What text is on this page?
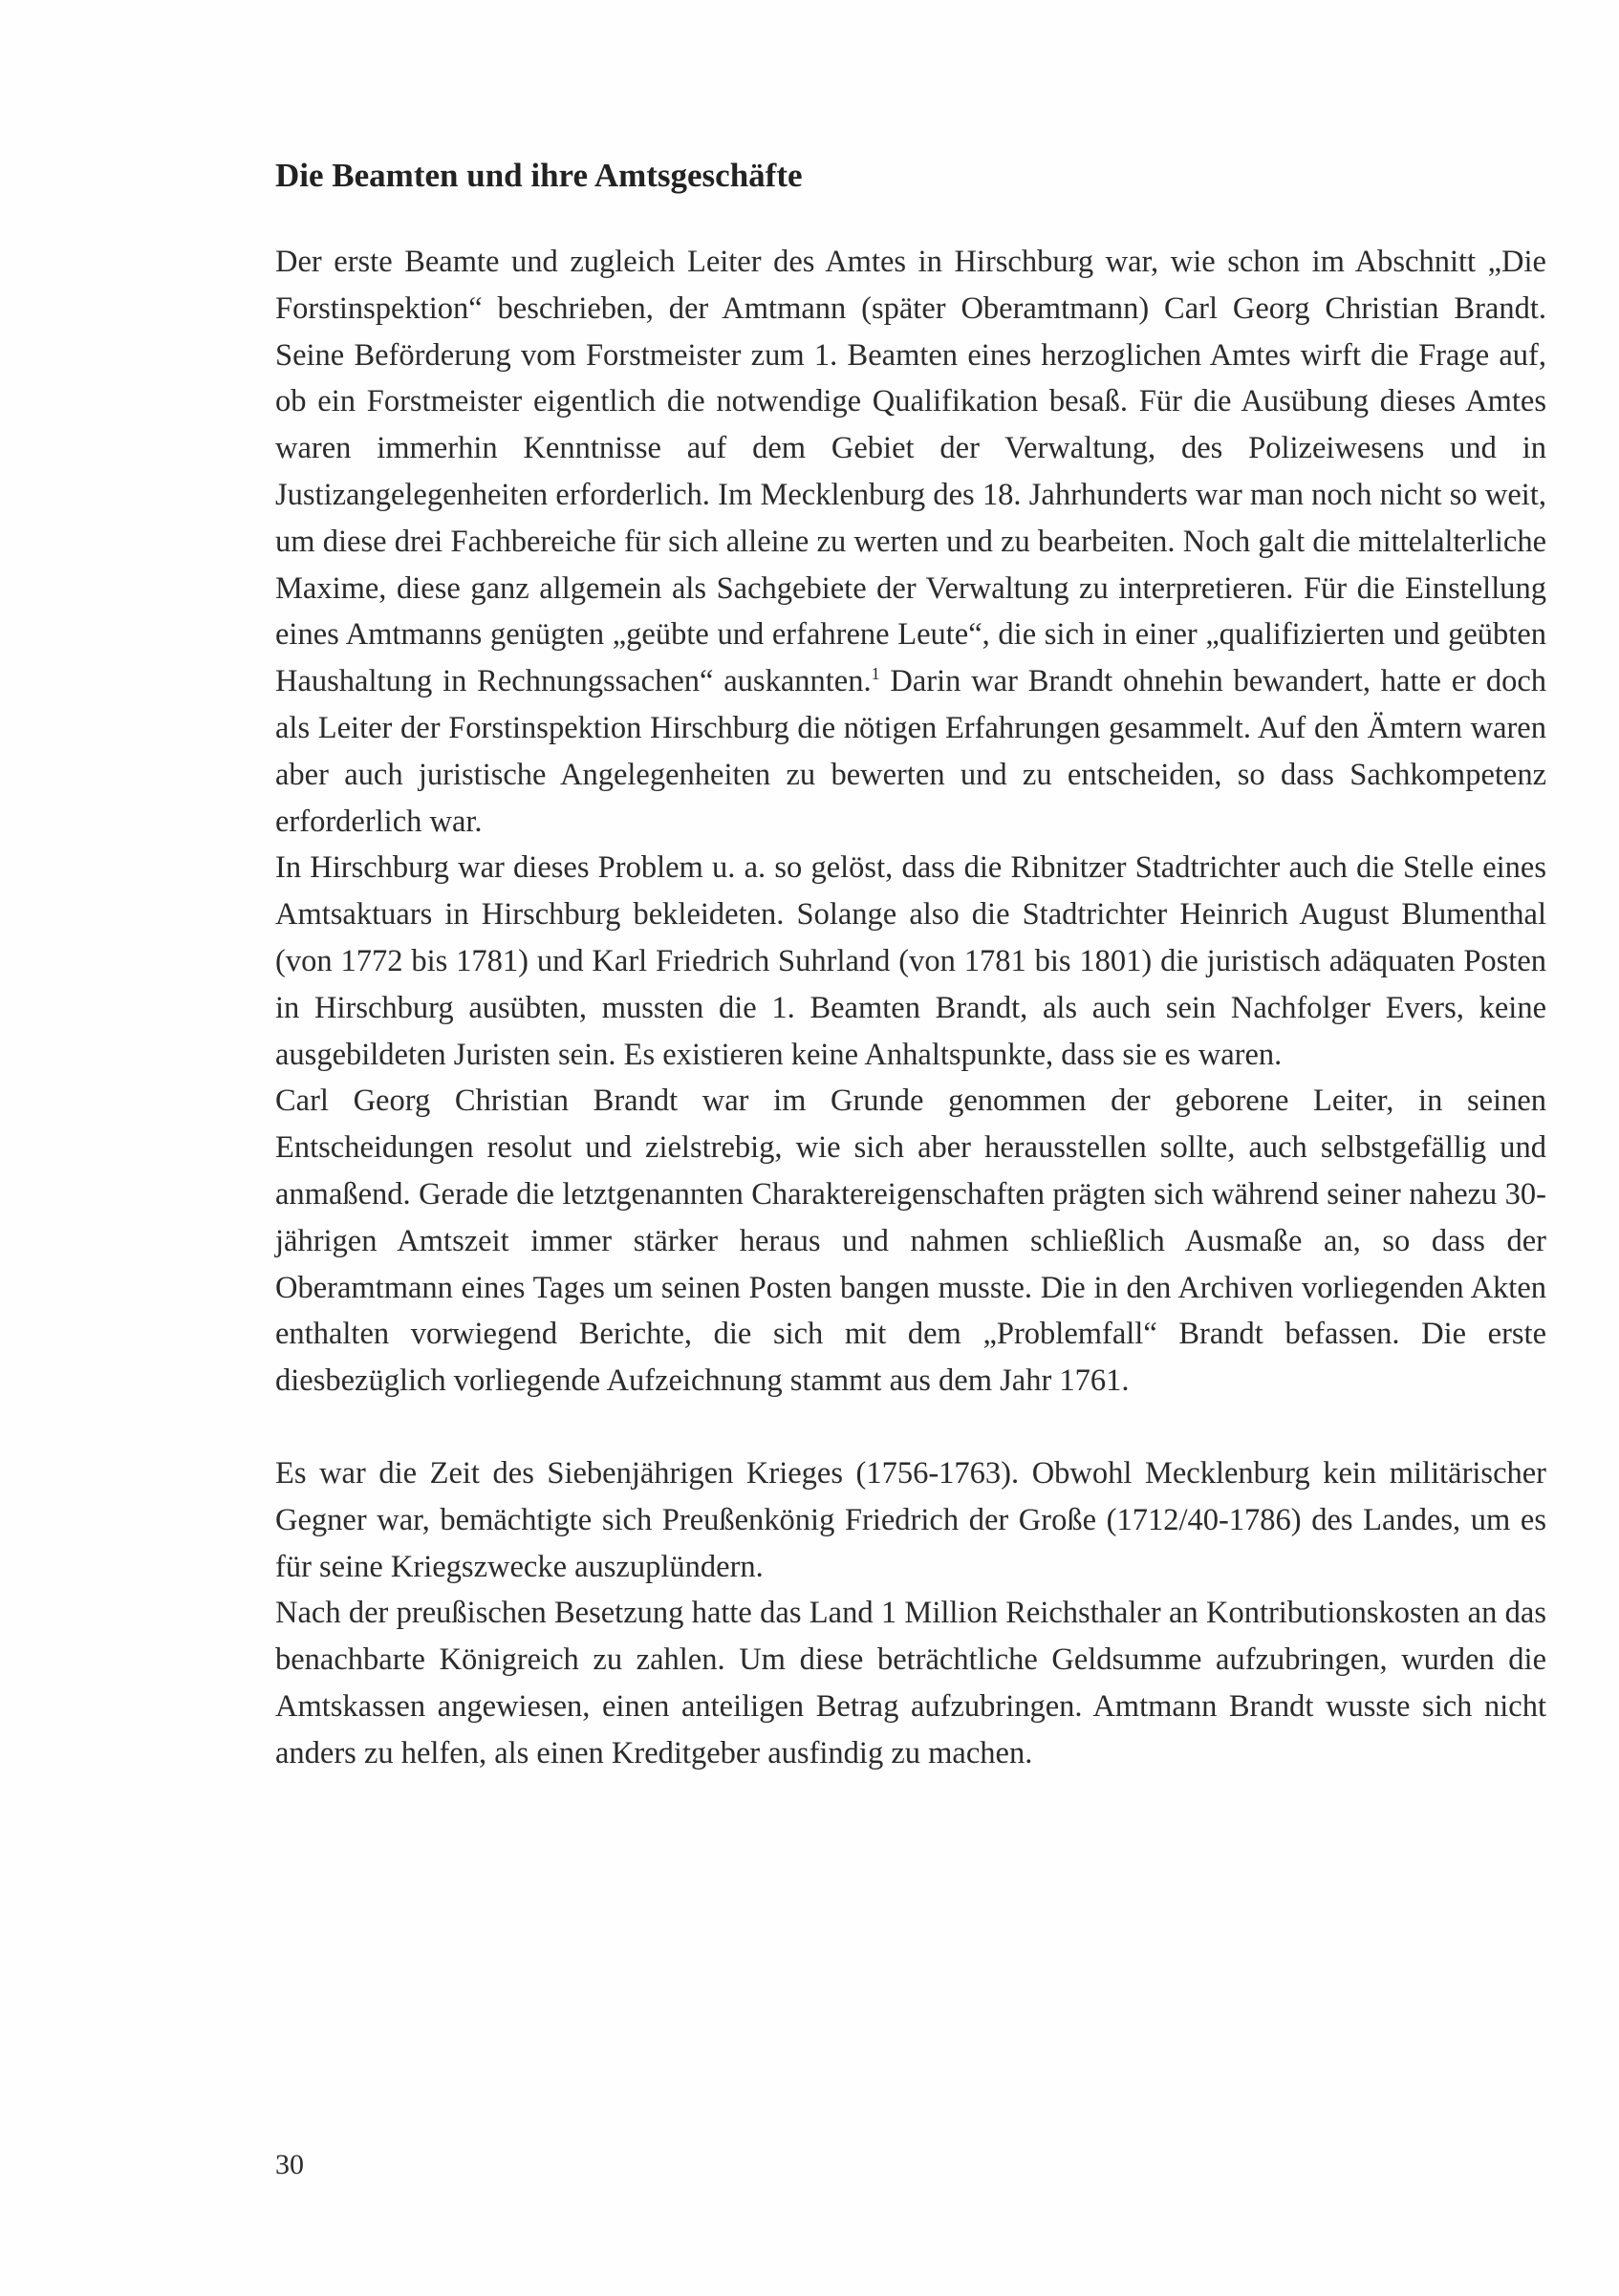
Die Beamten und ihre Amtsgeschäfte

Der erste Beamte und zugleich Leiter des Amtes in Hirschburg war, wie schon im Abschnitt „Die Forstinspektion“ beschrieben, der Amtmann (später Oberamtmann) Carl Georg Christian Brandt. Seine Beförderung vom Forstmeister zum 1. Beamten eines herzoglichen Amtes wirft die Frage auf, ob ein Forstmeister eigentlich die notwendige Qualifikation besaß. Für die Ausübung dieses Amtes waren immerhin Kenntnisse auf dem Gebiet der Verwaltung, des Polizeiwesens und in Justizangelegenheiten erforderlich. Im Mecklenburg des 18. Jahrhunderts war man noch nicht so weit, um diese drei Fachbereiche für sich alleine zu werten und zu bearbeiten. Noch galt die mittelalterliche Maxime, diese ganz allgemein als Sachgebiete der Verwaltung zu interpretieren. Für die Einstellung eines Amtmanns genügten „geübte und erfahrene Leute“, die sich in einer „qualifizierten und geübten Haushaltung in Rechnungssachen“ auskannten.$^1$ Darin war Brandt ohnehin bewandert, hatte er doch als Leiter der Forstinspektion Hirschburg die nötigen Erfahrungen gesammelt. Auf den Ämtern waren aber auch juristische Angelegenheiten zu bewerten und zu entscheiden, so dass Sachkompetenz erforderlich war.

In Hirschburg war dieses Problem u. a. so gelöst, dass die Ribnitzer Stadtrichter auch die Stelle eines Amtsaktuars in Hirschburg bekleideten. Solange also die Stadtrichter Heinrich August Blumenthal (von 1772 bis 1781) und Karl Friedrich Suhrland (von 1781 bis 1801) die juristisch adäquaten Posten in Hirschburg ausübten, mussten die 1. Beamten Brandt, als auch sein Nachfolger Evers, keine ausgebildeten Juristen sein. Es existieren keine Anhaltspunkte, dass sie es waren.

Carl Georg Christian Brandt war im Grunde genommen der geborene Leiter, in seinen Entscheidungen resolut und zielstrebig, wie sich aber herausstellen sollte, auch selbstgefällig und anmaßend. Gerade die letztgenannten Charaktereigenschaften prägten sich während seiner nahezu 30-jährigen Amtszeit immer stärker heraus und nahmen schließlich Ausmaße an, so dass der Oberamtmann eines Tages um seinen Posten bangen musste. Die in den Archiven vorliegenden Akten enthalten vorwiegend Berichte, die sich mit dem „Problemfall“ Brandt befassen. Die erste diesbezüglich vorliegende Aufzeichnung stammt aus dem Jahr 1761.

Es war die Zeit des Siebenjährigen Krieges (1756-1763). Obwohl Mecklenburg kein militärischer Gegner war, bemächtigte sich Preußenkönig Friedrich der Große (1712/40-1786) des Landes, um es für seine Kriegszwecke auszuplündern.

Nach der preußischen Besetzung hatte das Land 1 Million Reichsthaler an Kontributionskosten an das benachbarte Königreich zu zahlen. Um diese beträchtliche Geldsumme aufzubringen, wurden die Amtskassen angewiesen, einen anteiligen Betrag aufzubringen. Amtmann Brandt wusste sich nicht anders zu helfen, als einen Kreditgeber ausfindig zu machen.

30
